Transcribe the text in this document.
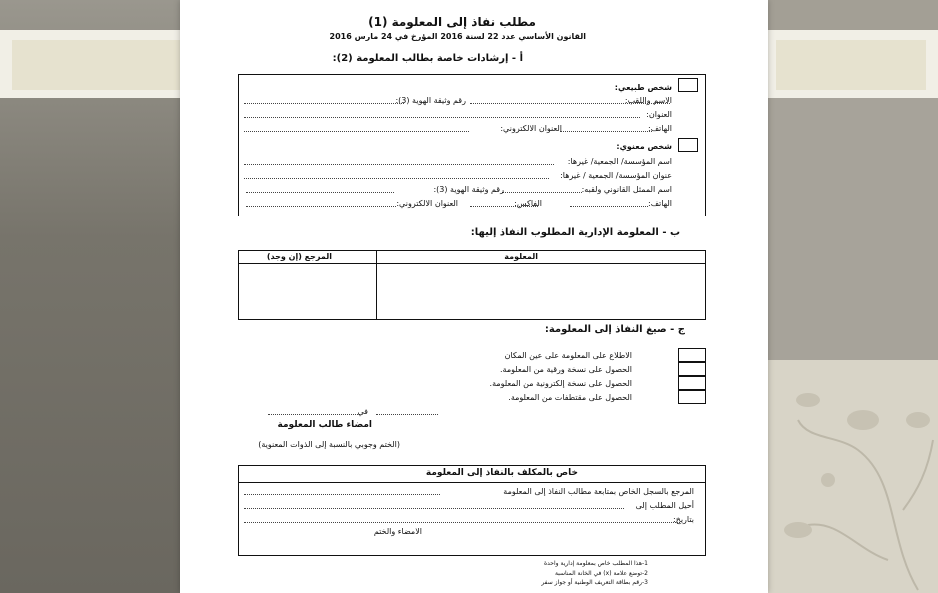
مطلب نفاذ إلى المعلومة (1)
القانون الأساسي عدد 22 لسنة 2016 المؤرخ في 24 مارس 2016
أ - إرشادات خاصة بطالب المعلومة (2):
شخص طبيعي:
الاسم واللقب:
رقم وثيقة الهوية (3):
العنوان:
الهاتف:
العنوان الالكتروني:
شخص معنوي:
اسم المؤسسة/ الجمعية/ غيرها:
عنوان المؤسسة/ الجمعية / غيرها:
اسم الممثل القانوني ولقبه:
رقم وثيقة الهوية (3):
الهاتف:
الفاكس:
العنوان الالكتروني:
ب - المعلومة الإدارية المطلوب النفاذ إليها:
المعلومة
المرجع (إن وجد)
ج - صيغ النفاذ إلى المعلومة:
الاطلاع على المعلومة على عين المكان
الحصول على نسخة ورقية من المعلومة.
الحصول على نسخة إلكترونية من المعلومة.
الحصول على مقتطفات من المعلومة.
في
امضاء طالب المعلومة
(الختم وجوبي بالنسبة إلى الذوات المعنوية)
خاص بالمكلف بالنفاذ إلى المعلومة
المرجع بالسجل الخاص بمتابعة مطالب النفاذ إلى المعلومة
أحيل المطلب إلى
بتاريخ:
الامضاء والختم
1-هذا المطلب خاص بمعلومة إدارية واحدة
2-توضع علامة (x) في الخانة المناسبة
3-رقم بطاقة التعريف الوطنية أو جواز سفر
